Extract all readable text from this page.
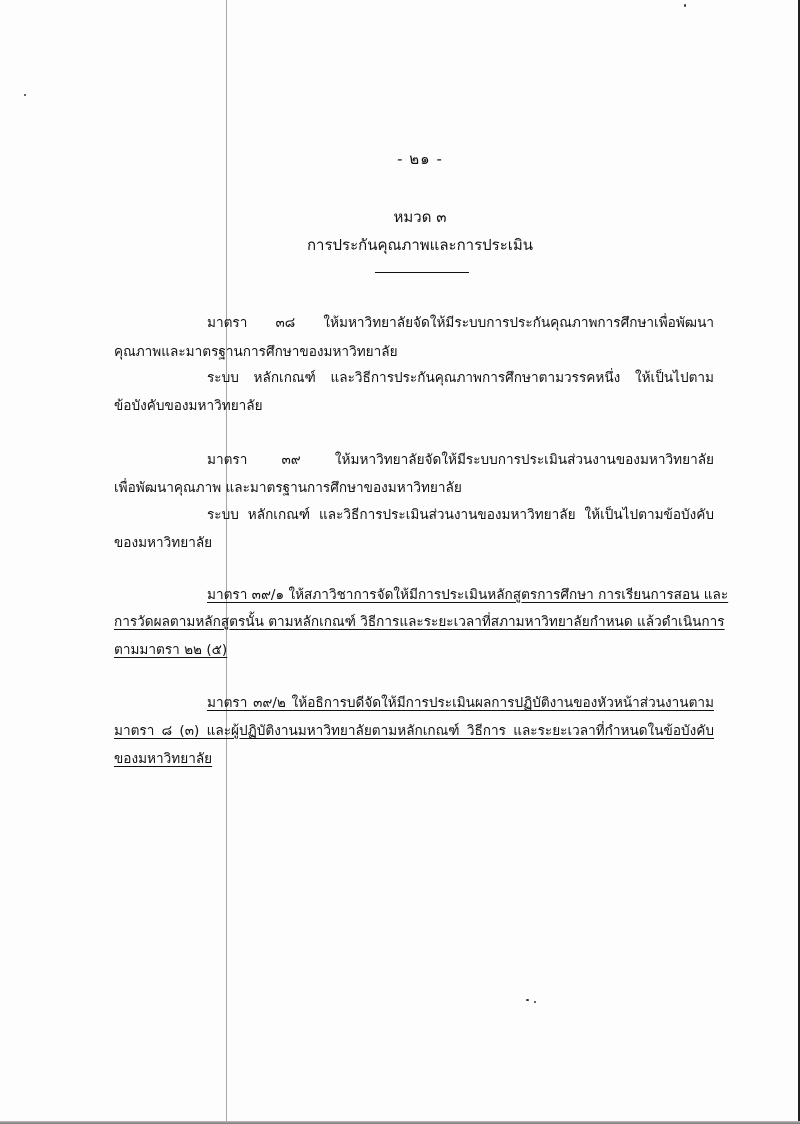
- ๒๑ -
หมวด ๓
การประกันคุณภาพและการประเมิน
มาตรา ๓๘ ให้มหาวิทยาลัยจัดให้มีระบบการประกันคุณภาพการศึกษาเพื่อพัฒนา
คุณภาพและมาตรฐานการศึกษาของมหาวิทยาลัย
ระบบ หลักเกณฑ์ และวิธีการประกันคุณภาพการศึกษาตามวรรคหนึ่ง ให้เป็นไปตาม
ข้อบังคับของมหาวิทยาลัย
มาตรา ๓๙ ให้มหาวิทยาลัยจัดให้มีระบบการประเมินส่วนงานของมหาวิทยาลัย
เพื่อพัฒนาคุณภาพ และมาตรฐานการศึกษาของมหาวิทยาลัย
ระบบ หลักเกณฑ์ และวิธีการประเมินส่วนงานของมหาวิทยาลัย ให้เป็นไปตามข้อบังคับ
ของมหาวิทยาลัย
มาตรา ๓๙/๑ ให้สภาวิชาการจัดให้มีการประเมินหลักสูตรการศึกษา การเรียนการสอน และ
การวัดผลตามหลักสูตรนั้น ตามหลักเกณฑ์ วิธีการและระยะเวลาที่สภามหาวิทยาลัยกำหนด แล้วดำเนินการ
ตามมาตรา ๒๒ (๕)
มาตรา ๓๙/๒ ให้อธิการบดีจัดให้มีการประเมินผลการปฏิบัติงานของหัวหน้าส่วนงานตาม
มาตรา ๘ (๓) และผู้ปฏิบัติงานมหาวิทยาลัยตามหลักเกณฑ์ วิธีการ และระยะเวลาที่กำหนดในข้อบังคับ
ของมหาวิทยาลัย
